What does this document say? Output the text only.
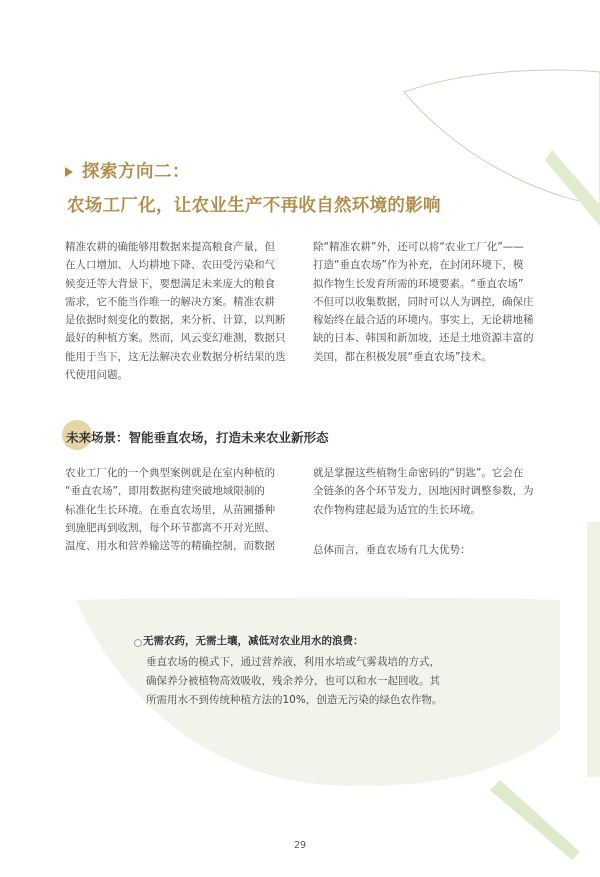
探索方向二：
农场工厂化，让农业生产不再收自然环境的影响

精准农耕的确能够用数据来提高粮食产量，但
在人口增加、人均耕地下降、农田受污染和气
候变迁等大背景下，要想满足未来庞大的粮食
需求，它不能当作唯一的解决方案。精准农耕
是依据时刻变化的数据，来分析、计算，以判断
最好的种植方案。然而，风云变幻难测，数据只
能用于当下，这无法解决农业数据分析结果的迭
代使用问题。

除“精准农耕”外，还可以将“农业工厂化”——
打造“垂直农场”作为补充，在封闭环境下，模
拟作物生长发育所需的环境要素。“垂直农场”
不但可以收集数据，同时可以人为调控，确保庄
稼始终在最合适的环境内。事实上，无论耕地稀
缺的日本、韩国和新加坡，还是土地资源丰富的
美国，都在积极发展“垂直农场”技术。

未来场景：智能垂直农场，打造未来农业新形态

农业工厂化的一个典型案例就是在室内种植的
“垂直农场”，即用数据构建突破地域限制的
标准化生长环境。在垂直农场里，从苗圃播种
到施肥再到收割，每个环节都离不开对光照、
温度、用水和营养输送等的精确控制，而数据

就是掌握这些植物生命密码的“钥匙”。它会在
全链条的各个环节发力，因地因时调整参数，为
农作物构建起最为适宜的生长环境。

总体而言，垂直农场有几大优势：

无需农药，无需土壤，减低对农业用水的浪费：

垂直农场的模式下，通过营养液，利用水培或气雾栽培的方式，
确保养分被植物高效吸收，残余养分，也可以和水一起回收。其
所需用水不到传统种植方法的10%，创造无污染的绿色农作物。

29
